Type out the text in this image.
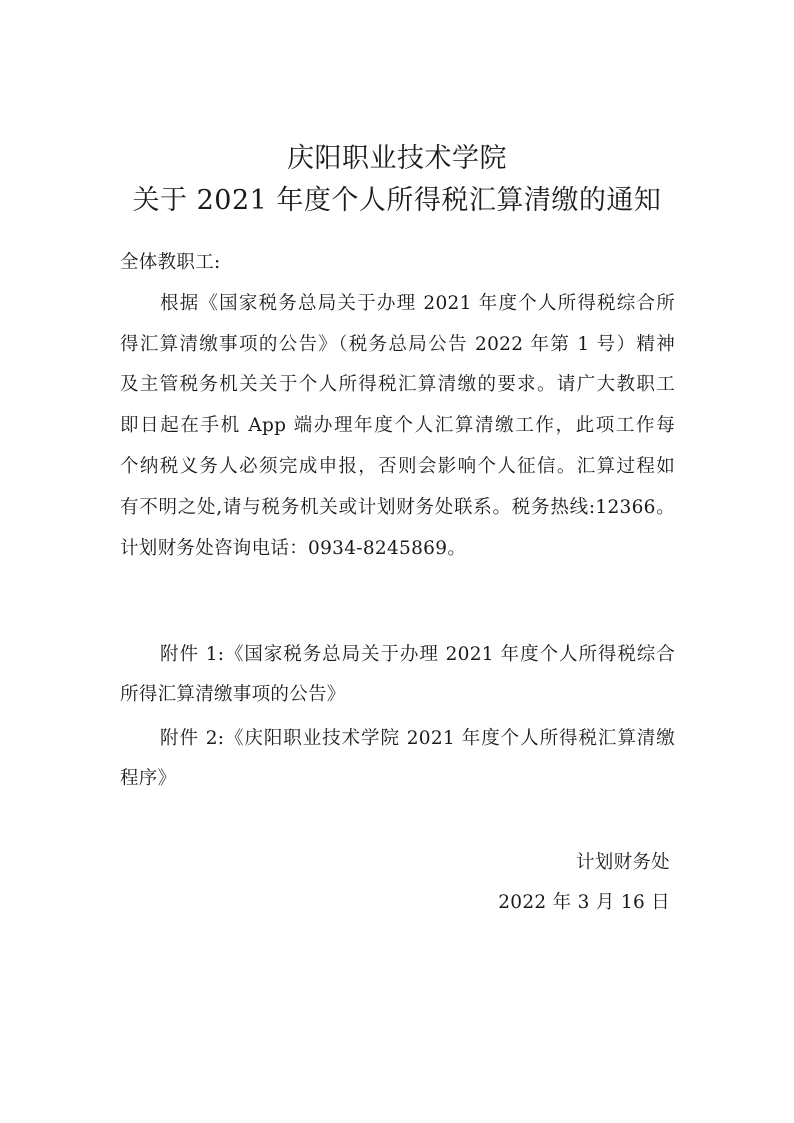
庆阳职业技术学院
关于 2021 年度个人所得税汇算清缴的通知
全体教职工:
根据《国家税务总局关于办理 2021 年度个人所得税综合所
得汇算清缴事项的公告》（税务总局公告 2022 年第 1 号）精神
及主管税务机关关于个人所得税汇算清缴的要求。请广大教职工
即日起在手机 App 端办理年度个人汇算清缴工作，此项工作每
个纳税义务人必须完成申报，否则会影响个人征信。汇算过程如
有不明之处,请与税务机关或计划财务处联系。税务热线:12366。
计划财务处咨询电话：0934-8245869。
附件 1:《国家税务总局关于办理 2021 年度个人所得税综合
所得汇算清缴事项的公告》
附件 2:《庆阳职业技术学院 2021 年度个人所得税汇算清缴
程序》
计划财务处
2022 年 3 月 16 日
